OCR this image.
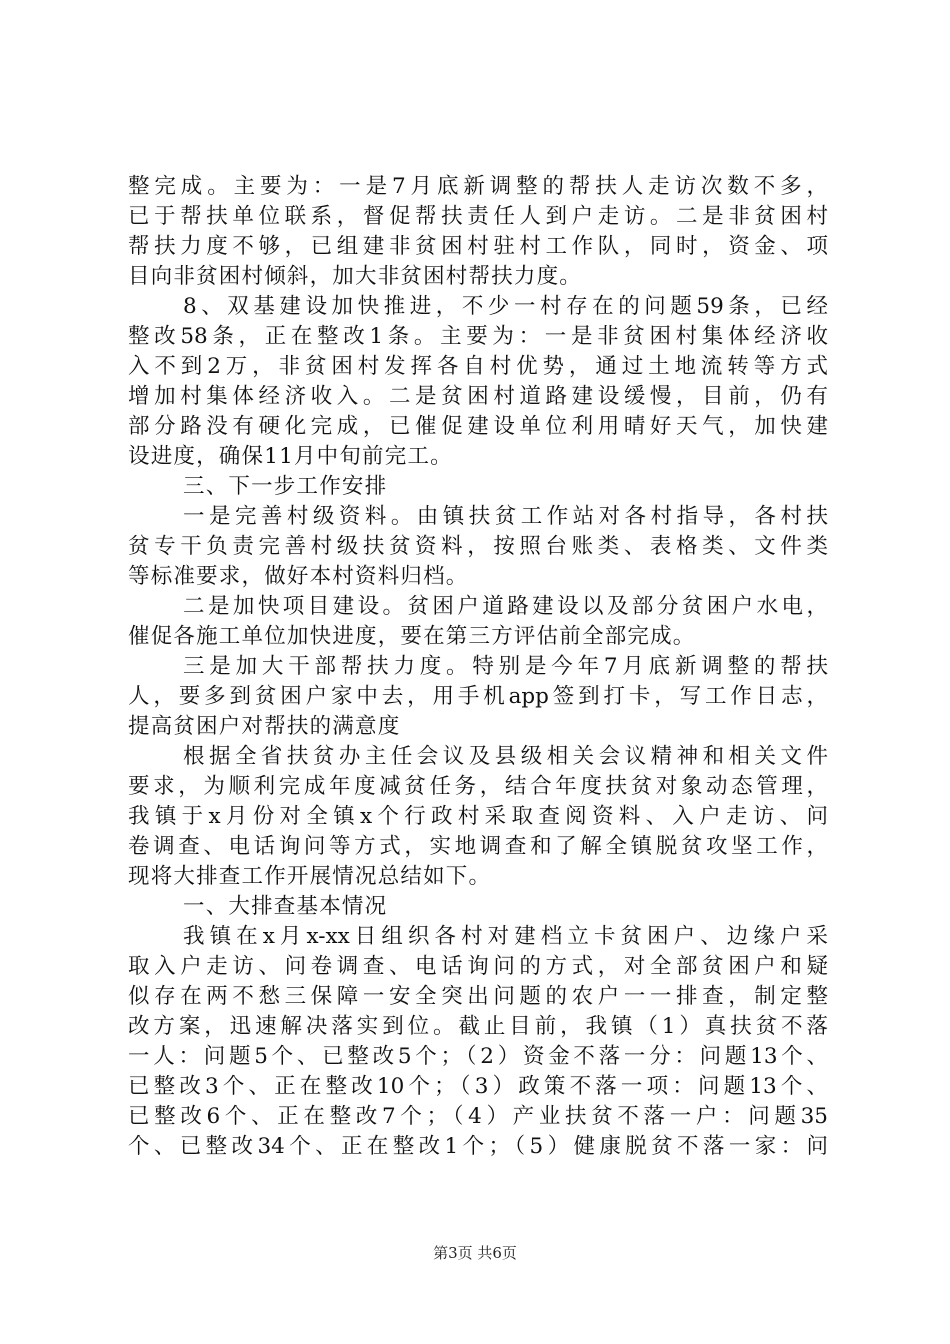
整完成。主要为：一是7月底新调整的帮扶人走访次数不多，
已于帮扶单位联系，督促帮扶责任人到户走访。二是非贫困村
帮扶力度不够，已组建非贫困村驻村工作队，同时，资金、项
目向非贫困村倾斜，加大非贫困村帮扶力度。
8、双基建设加快推进，不少一村存在的问题59条，已经
整改58条，正在整改1条。主要为：一是非贫困村集体经济收
入不到2万，非贫困村发挥各自村优势，通过土地流转等方式
增加村集体经济收入。二是贫困村道路建设缓慢，目前，仍有
部分路没有硬化完成，已催促建设单位利用晴好天气，加快建
设进度，确保11月中旬前完工。
三、下一步工作安排
一是完善村级资料。由镇扶贫工作站对各村指导，各村扶
贫专干负责完善村级扶贫资料，按照台账类、表格类、文件类
等标准要求，做好本村资料归档。
二是加快项目建设。贫困户道路建设以及部分贫困户水电，
催促各施工单位加快进度，要在第三方评估前全部完成。
三是加大干部帮扶力度。特别是今年7月底新调整的帮扶
人，要多到贫困户家中去，用手机app签到打卡，写工作日志，
提高贫困户对帮扶的满意度
根据全省扶贫办主任会议及县级相关会议精神和相关文件
要求，为顺利完成年度减贫任务，结合年度扶贫对象动态管理，
我镇于x月份对全镇x个行政村采取查阅资料、入户走访、问
卷调查、电话询问等方式，实地调查和了解全镇脱贫攻坚工作，
现将大排查工作开展情况总结如下。
一、大排查基本情况
我镇在x月x-xx日组织各村对建档立卡贫困户、边缘户采
取入户走访、问卷调查、电话询问的方式，对全部贫困户和疑
似存在两不愁三保障一安全突出问题的农户一一排查，制定整
改方案，迅速解决落实到位。截止目前，我镇（1）真扶贫不落
一人：问题5个、已整改5个；（2）资金不落一分：问题13个、
已整改3个、正在整改10个；（3）政策不落一项：问题13个、
已整改6个、正在整改7个；（4）产业扶贫不落一户：问题35
个、已整改34个、正在整改1个；（5）健康脱贫不落一家：问
第3页 共6页
